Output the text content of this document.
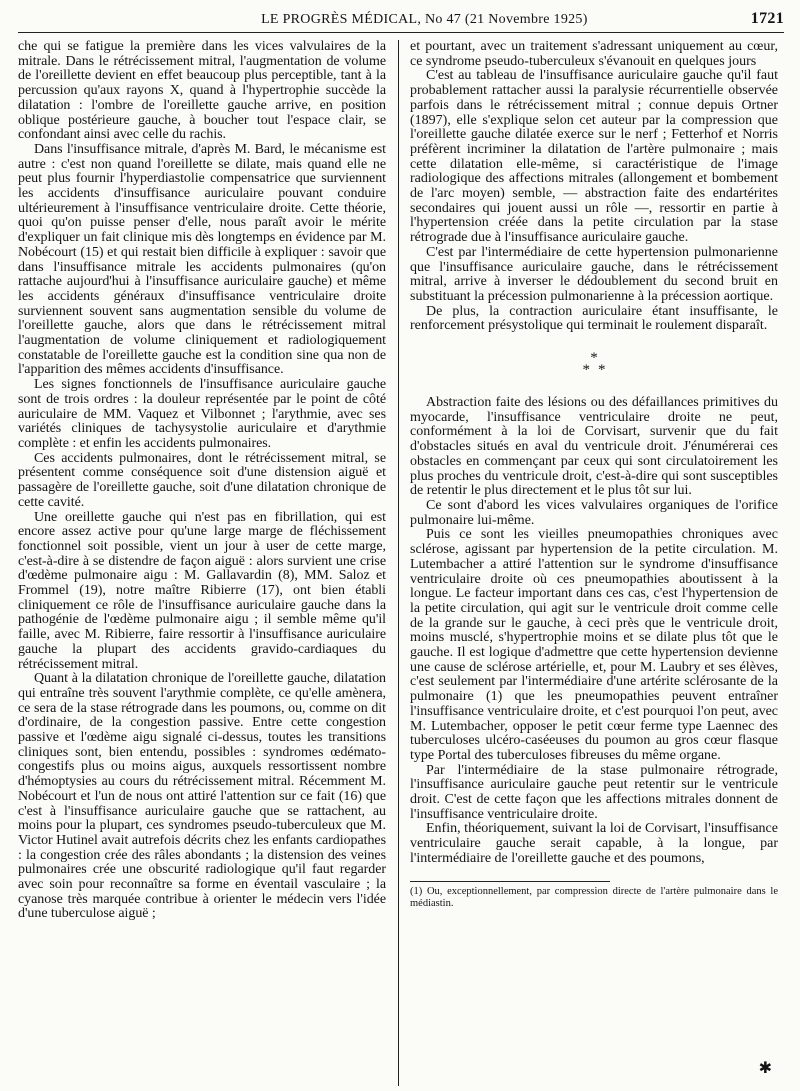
LE PROGRÈS MÉDICAL, No 47 (21 Novembre 1925)	1721

che qui se fatigue la première dans les vices valvulaires de la mitrale. Dans le rétrécissement mitral, l'augmentation de volume de l'oreillette devient en effet beaucoup plus perceptible, tant à la percussion qu'aux rayons X, quand à l'hypertrophie succède la dilatation : l'ombre de l'oreillette gauche arrive, en position oblique postérieure gauche, à boucher tout l'espace clair, se confondant ainsi avec celle du rachis.

Dans l'insuffisance mitrale, d'après M. Bard, le mécanisme est autre : c'est non quand l'oreillette se dilate, mais quand elle ne peut plus fournir l'hyperdiastolie compensatrice que surviennent les accidents d'insuffisance auriculaire pouvant conduire ultérieurement à l'insuffisance ventriculaire droite. Cette théorie, quoi qu'on puisse penser d'elle, nous paraît avoir le mérite d'expliquer un fait clinique mis dès longtemps en évidence par M. Nobécourt (15) et qui restait bien difficile à expliquer : savoir que dans l'insuffisance mitrale les accidents pulmonaires (qu'on rattache aujourd'hui à l'insuffisance auriculaire gauche) et même les accidents généraux d'insuffisance ventriculaire droite surviennent souvent sans augmentation sensible du volume de l'oreillette gauche, alors que dans le rétrécissement mitral l'augmentation de volume cliniquement et radiologiquement constatable de l'oreillette gauche est la condition sine qua non de l'apparition des mêmes accidents d'insuffisance.

Les signes fonctionnels de l'insuffisance auriculaire gauche sont de trois ordres : la douleur représentée par le point de côté auriculaire de MM. Vaquez et Vilbonnet ; l'arythmie, avec ses variétés cliniques de tachysystolie auriculaire et d'arythmie complète : et enfin les accidents pulmonaires.

Ces accidents pulmonaires, dont le rétrécissement mitral, se présentent comme conséquence soit d'une distension aiguë et passagère de l'oreillette gauche, soit d'une dilatation chronique de cette cavité.

Une oreillette gauche qui n'est pas en fibrillation, qui est encore assez active pour qu'une large marge de fléchissement fonctionnel soit possible, vient un jour à user de cette marge, c'est-à-dire à se distendre de façon aiguë : alors survient une crise d'œdème pulmonaire aigu : M. Gallavardin (8), MM. Saloz et Frommel (19), notre maître Ribierre (17), ont bien établi cliniquement ce rôle de l'insuffisance auriculaire gauche dans la pathogénie de l'œdème pulmonaire aigu ; il semble même qu'il faille, avec M. Ribierre, faire ressortir à l'insuffisance auriculaire gauche la plupart des accidents gravido-cardiaques du rétrécissement mitral.

Quant à la dilatation chronique de l'oreillette gauche, dilatation qui entraîne très souvent l'arythmie complète, ce qu'elle amènera, ce sera de la stase rétrograde dans les poumons, ou, comme on dit d'ordinaire, de la congestion passive. Entre cette congestion passive et l'œdème aigu signalé ci-dessus, toutes les transitions cliniques sont, bien entendu, possibles : syndromes œdémato-congestifs plus ou moins aigus, auxquels ressortissent nombre d'hémoptysies au cours du rétrécissement mitral. Récemment M. Nobécourt et l'un de nous ont attiré l'attention sur ce fait (16) que c'est à l'insuffisance auriculaire gauche que se rattachent, au moins pour la plupart, ces syndromes pseudo-tuberculeux que M. Victor Hutinel avait autrefois décrits chez les enfants cardiopathes : la congestion crée des râles abondants ; la distension des veines pulmonaires crée une obscurité radiologique qu'il faut regarder avec soin pour reconnaître sa forme en éventail vasculaire ; la cyanose très marquée contribue à orienter le médecin vers l'idée d'une tuberculose aiguë ;

et pourtant, avec un traitement s'adressant uniquement au cœur, ce syndrome pseudo-tuberculeux s'évanouit en quelques jours

C'est au tableau de l'insuffisance auriculaire gauche qu'il faut probablement rattacher aussi la paralysie récurrentielle observée parfois dans le rétrécissement mitral ; connue depuis Ortner (1897), elle s'explique selon cet auteur par la compression que l'oreillette gauche dilatée exerce sur le nerf ; Fetterhof et Norris préfèrent incriminer la dilatation de l'artère pulmonaire ; mais cette dilatation elle-même, si caractéristique de l'image radiologique des affections mitrales (allongement et bombement de l'arc moyen) semble, — abstraction faite des endartérites secondaires qui jouent aussi un rôle —, ressortir en partie à l'hypertension créée dans la petite circulation par la stase rétrograde due à l'insuffisance auriculaire gauche.

C'est par l'intermédiaire de cette hypertension pulmonarienne que l'insuffisance auriculaire gauche, dans le rétrécissement mitral, arrive à inverser le dédoublement du second bruit en substituant la précession pulmonarienne à la précession aortique.

De plus, la contraction auriculaire étant insuffisante, le renforcement présystolique qui terminait le roulement disparaît.

*
**

Abstraction faite des lésions ou des défaillances primitives du myocarde, l'insuffisance ventriculaire droite ne peut, conformément à la loi de Corvisart, survenir que du fait d'obstacles situés en aval du ventricule droit. J'énumérerai ces obstacles en commençant par ceux qui sont circulatoirement les plus proches du ventricule droit, c'est-à-dire qui sont susceptibles de retentir le plus directement et le plus tôt sur lui.

Ce sont d'abord les vices valvulaires organiques de l'orifice pulmonaire lui-même.

Puis ce sont les vieilles pneumopathies chroniques avec sclérose, agissant par hypertension de la petite circulation. M. Lutembacher a attiré l'attention sur le syndrome d'insuffisance ventriculaire droite où ces pneumopathies aboutissent à la longue. Le facteur important dans ces cas, c'est l'hypertension de la petite circulation, qui agit sur le ventricule droit comme celle de la grande sur le gauche, à ceci près que le ventricule droit, moins musclé, s'hypertrophie moins et se dilate plus tôt que le gauche. Il est logique d'admettre que cette hypertension devienne une cause de sclérose artérielle, et, pour M. Laubry et ses élèves, c'est seulement par l'intermédiaire d'une artérite sclérosante de la pulmonaire (1) que les pneumopathies peuvent entraîner l'insuffisance ventriculaire droite, et c'est pourquoi l'on peut, avec M. Lutembacher, opposer le petit cœur ferme type Laennec des tuberculoses ulcéro-caséeuses du poumon au gros cœur flasque type Portal des tuberculoses fibreuses du même organe.

Par l'intermédiaire de la stase pulmonaire rétrograde, l'insuffisance auriculaire gauche peut retentir sur le ventricule droit. C'est de cette façon que les affections mitrales donnent de l'insuffisance ventriculaire droite.

Enfin, théoriquement, suivant la loi de Corvisart, l'insuffisance ventriculaire gauche serait capable, à la longue, par l'intermédiaire de l'oreillette gauche et des poumons,

(1) Ou, exceptionnellement, par compression directe de l'artère pulmonaire dans le médiastin.
✱
